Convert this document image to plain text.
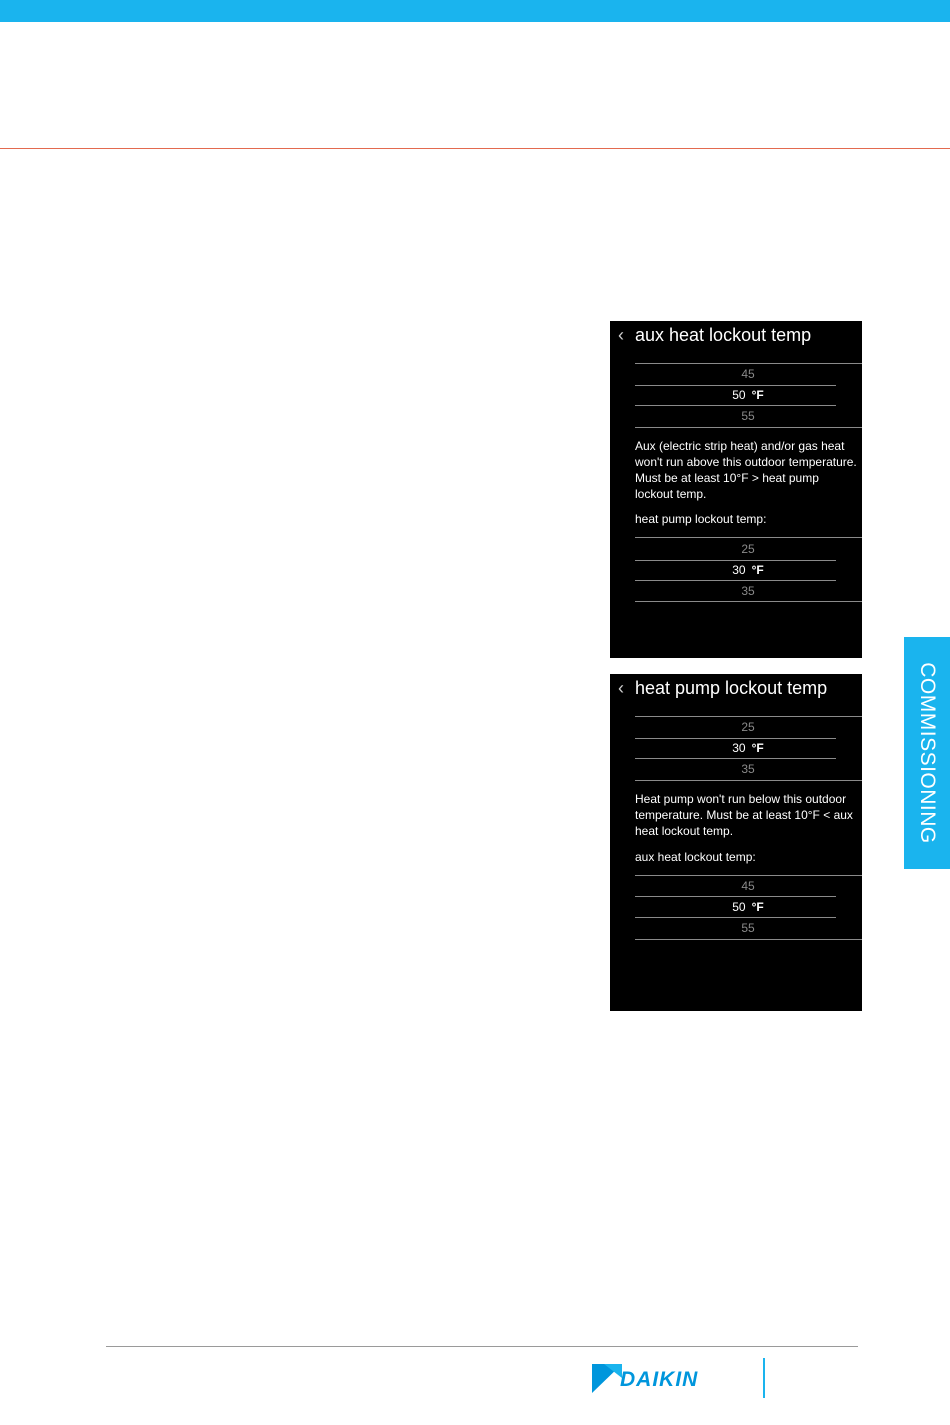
‹ aux heat lockout temp
45
50 °F
55
Aux (electric strip heat) and/or gas heat won't run above this outdoor temperature. Must be at least 10°F > heat pump lockout temp.
heat pump lockout temp:
25
30 °F
35
‹ heat pump lockout temp
25
30 °F
35
Heat pump won't run below this outdoor temperature. Must be at least 10°F < aux heat lockout temp.
aux heat lockout temp:
45
50 °F
55
COMMISSIONING
DAIKIN
